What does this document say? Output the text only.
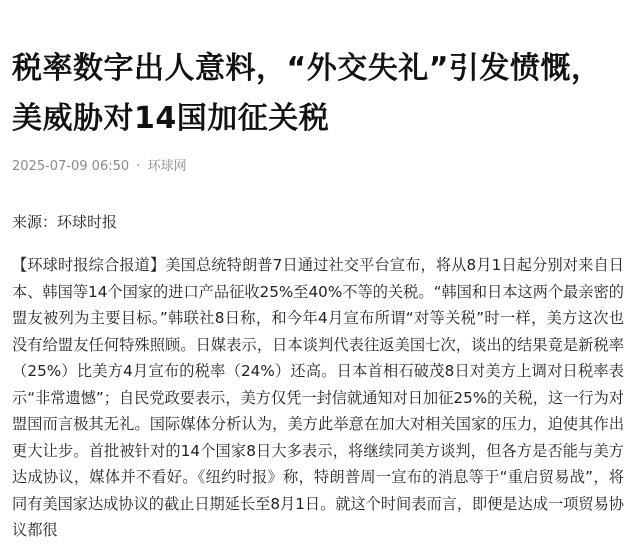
税率数字出人意料，“外交失礼”引发愤慨，美威胁对14国加征关税
2025-07-09 06:50 · 环球网
来源：环球时报

【环球时报综合报道】美国总统特朗普7日通过社交平台宣布，将从8月1日起分别对来自日本、韩国等14个国家的进口产品征收25%至40%不等的关税。“韩国和日本这两个最亲密的盟友被列为主要目标。”韩联社8日称，和今年4月宣布所谓“对等关税”时一样，美方这次也没有给盟友任何特殊照顾。日媒表示，日本谈判代表往返美国七次，谈出的结果竟是新税率（25%）比美方4月宣布的税率（24%）还高。日本首相石破茂8日对美方上调对日税率表示“非常遗憾”；自民党政要表示，美方仅凭一封信就通知对日加征25%的关税，这一行为对盟国而言极其无礼。国际媒体分析认为，美方此举意在加大对相关国家的压力，迫使其作出更大让步。首批被针对的14个国家8日大多表示，将继续同美方谈判，但各方是否能与美方达成协议，媒体并不看好。《纽约时报》称，特朗普周一宣布的消息等于“重启贸易战”，将同有美国家达成协议的截止日期延长至8月1日。就这个时间表而言，即便是达成一项贸易协议都很
